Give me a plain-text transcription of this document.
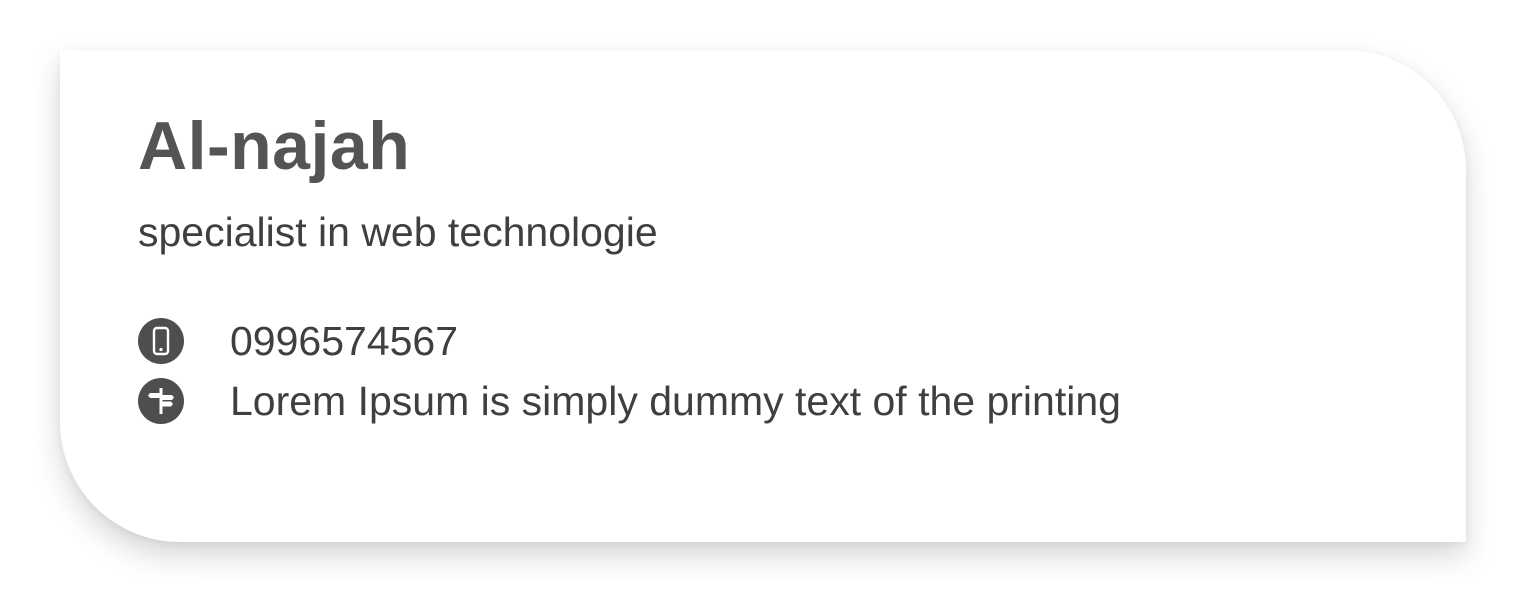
Al-najah

specialist in web technologie

0996574567
Lorem Ipsum is simply dummy text of the printing
